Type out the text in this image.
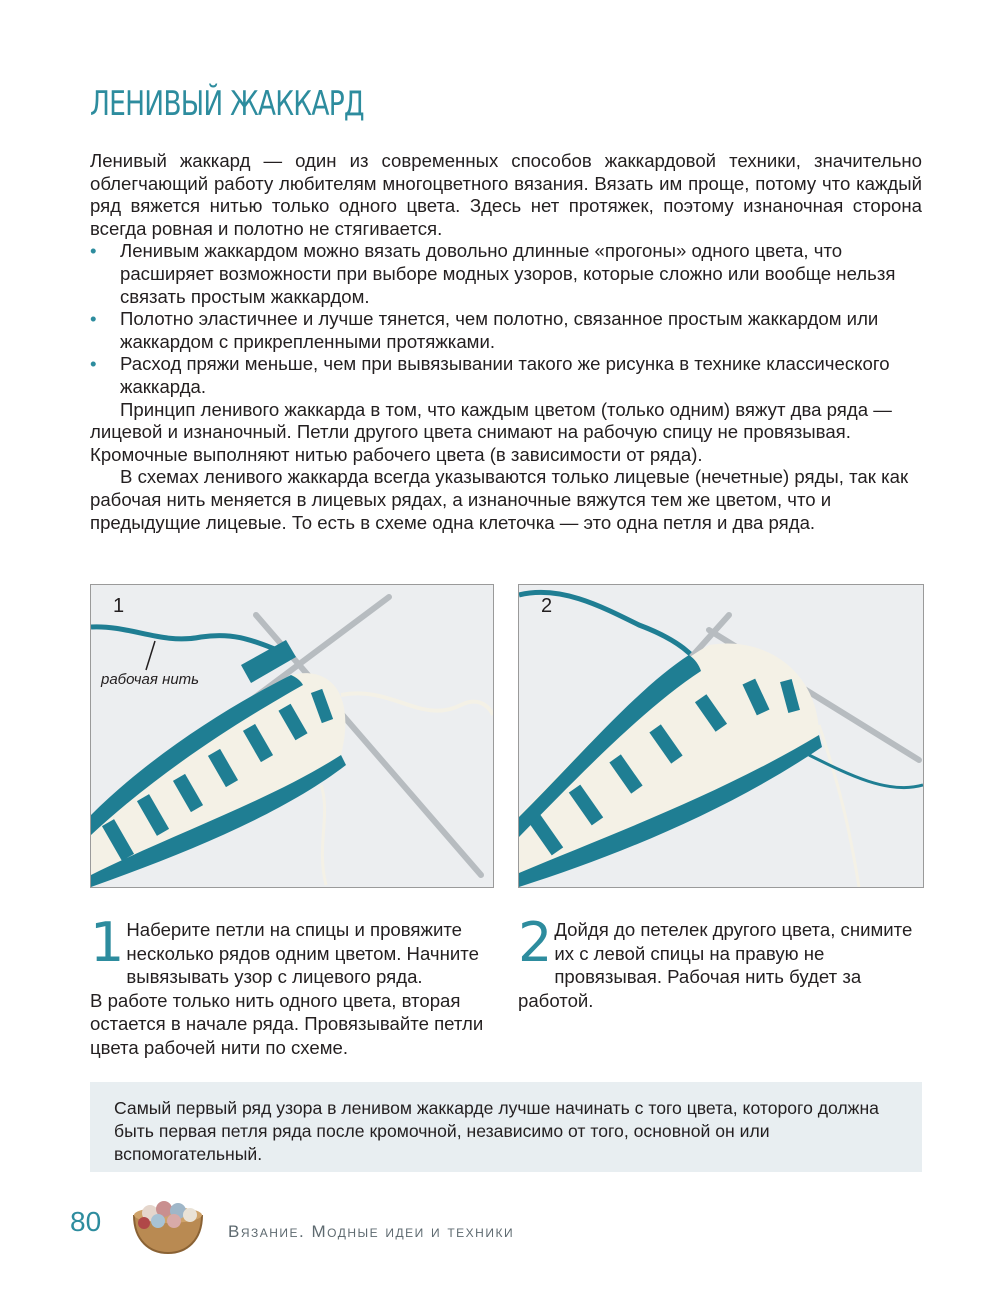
ЛЕНИВЫЙ ЖАККАРД

Ленивый жаккард — один из современных способов жаккардовой техники, значительно облегчающий работу любителям многоцветного вязания. Вязать им проще, потому что каждый ряд вяжется нитью только одного цвета. Здесь нет протяжек, поэтому изнаночная сторона всегда ровная и полотно не стягивается.

• Ленивым жаккардом можно вязать довольно длинные «прогоны» одного цвета, что расширяет возможности при выборе модных узоров, которые сложно или вообще нельзя связать простым жаккардом.
• Полотно эластичнее и лучше тянется, чем полотно, связанное простым жаккардом или жаккардом с прикрепленными протяжками.
• Расход пряжи меньше, чем при вывязывании такого же рисунка в технике классического жаккарда.

Принцип ленивого жаккарда в том, что каждым цветом (только одним) вяжут два ряда — лицевой и изнаночный. Петли другого цвета снимают на рабочую спицу не провязывая. Кромочные выполняют нитью рабочего цвета (в зависимости от ряда).

В схемах ленивого жаккарда всегда указываются только лицевые (нечетные) ряды, так как рабочая нить меняется в лицевых рядах, а изнаночные вяжутся тем же цветом, что и предыдущие лицевые. То есть в схеме одна клеточка — это одна петля и два ряда.

1
рабочая нить
2
1 Наберите петли на спицы и провяжите несколько рядов одним цветом. Начните вывязывать узор с лицевого ряда.

В работе только нить одного цвета, вторая остается в начале ряда. Провязывайте петли цвета рабочей нити по схеме.

2 Дойдя до петелек другого цвета, снимите их с левой спицы на правую не провязывая. Рабочая нить будет за работой.

Самый первый ряд узора в ленивом жаккарде лучше начинать с того цвета, которого должна быть первая петля ряда после кромочной, независимо от того, основной он или вспомогательный.
80	Вязание. Модные идеи и техники
